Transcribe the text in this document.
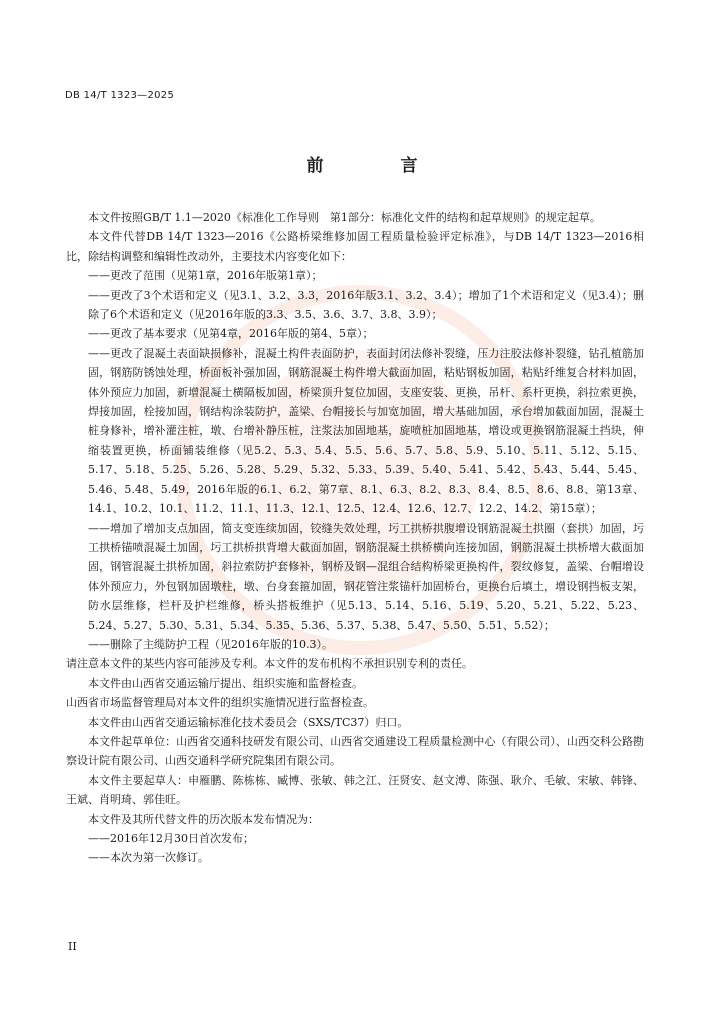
DB 14/T 1323—2025
前　言

本文件按照GB/T 1.1—2020《标准化工作导则　第1部分：标准化文件的结构和起草规则》的规定起草。

本文件代替DB 14/T 1323—2016《公路桥梁维修加固工程质量检验评定标准》，与DB 14/T 1323—2016相比，除结构调整和编辑性改动外，主要技术内容变化如下：

——更改了范围（见第1章，2016年版第1章）；

——更改了3个术语和定义（见3.1、3.2、3.3，2016年版3.1、3.2、3.4）；增加了1个术语和定义（见3.4）；删除了6个术语和定义（见2016年版的3.3、3.5、3.6、3.7、3.8、3.9）；

——更改了基本要求（见第4章，2016年版的第4、5章）；

——更改了混凝土表面缺损修补，混凝土构件表面防护，表面封闭法修补裂缝，压力注胶法修补裂缝，钻孔植筋加固，钢筋防锈蚀处理，桥面板补强加固，钢筋混凝土构件增大截面加固，粘贴钢板加固，粘贴纤维复合材料加固，体外预应力加固，新增混凝土横隔板加固，桥梁顶升复位加固，支座安装、更换，吊杆、系杆更换，斜拉索更换，焊接加固，栓接加固，钢结构涂装防护，盖梁、台帽接长与加宽加固，增大基础加固，承台增加截面加固，混凝土桩身修补，增补灌注桩，墩、台增补静压桩，注浆法加固地基，旋喷桩加固地基，增设或更换钢筋混凝土挡块，伸缩装置更换，桥面铺装维修（见5.2、5.3、5.4、5.5、5.6、5.7、5.8、5.9、5.10、5.11、5.12、5.15、5.17、5.18、5.25、5.26、5.28、5.29、5.32、5.33、5.39、5.40、5.41、5.42、5.43、5.44、5.45、5.46、5.48、5.49，2016年版的6.1、6.2、第7章、8.1、6.3、8.2、8.3、8.4、8.5、8.6、8.8、第13章、14.1、10.2、10.1、11.2、11.1、11.3、12.1、12.5、12.4、12.6、12.7、12.2、14.2、第15章）；

——增加了增加支点加固，简支变连续加固，铰缝失效处理，圬工拱桥拱腹增设钢筋混凝土拱圈（套拱）加固，圬工拱桥锚喷混凝土加固，圬工拱桥拱背增大截面加固，钢筋混凝土拱桥横向连接加固，钢筋混凝土拱桥增大截面加固，钢管混凝土拱桥加固，斜拉索防护套修补，钢桥及钢—混组合结构桥梁更换构件，裂纹修复，盖梁、台帽增设体外预应力，外包钢加固墩柱，墩、台身套箍加固，钢花管注浆锚杆加固桥台，更换台后填土，增设钢挡板支架，防水层维修，栏杆及护栏维修，桥头搭板维护（见5.13、5.14、5.16、5.19、5.20、5.21、5.22、5.23、5.24、5.27、5.30、5.31、5.34、5.35、5.36、5.37、5.38、5.47、5.50、5.51、5.52）；

——删除了主缆防护工程（见2016年版的10.3）。

请注意本文件的某些内容可能涉及专利。本文件的发布机构不承担识别专利的责任。

本文件由山西省交通运输厅提出、组织实施和监督检查。

山西省市场监督管理局对本文件的组织实施情况进行监督检查。

本文件由山西省交通运输标准化技术委员会（SXS/TC37）归口。

本文件起草单位：山西省交通科技研发有限公司、山西省交通建设工程质量检测中心（有限公司）、山西交科公路勘察设计院有限公司、山西交通科学研究院集团有限公司。

本文件主要起草人：申雁鹏、陈栋栋、臧博、张敏、韩之江、汪贤安、赵文溥、陈强、耿介、毛敏、宋敏、韩锋、王斌、肖明琦、郭佳旺。

本文件及其所代替文件的历次版本发布情况为：

——2016年12月30日首次发布；

——本次为第一次修订。

II
